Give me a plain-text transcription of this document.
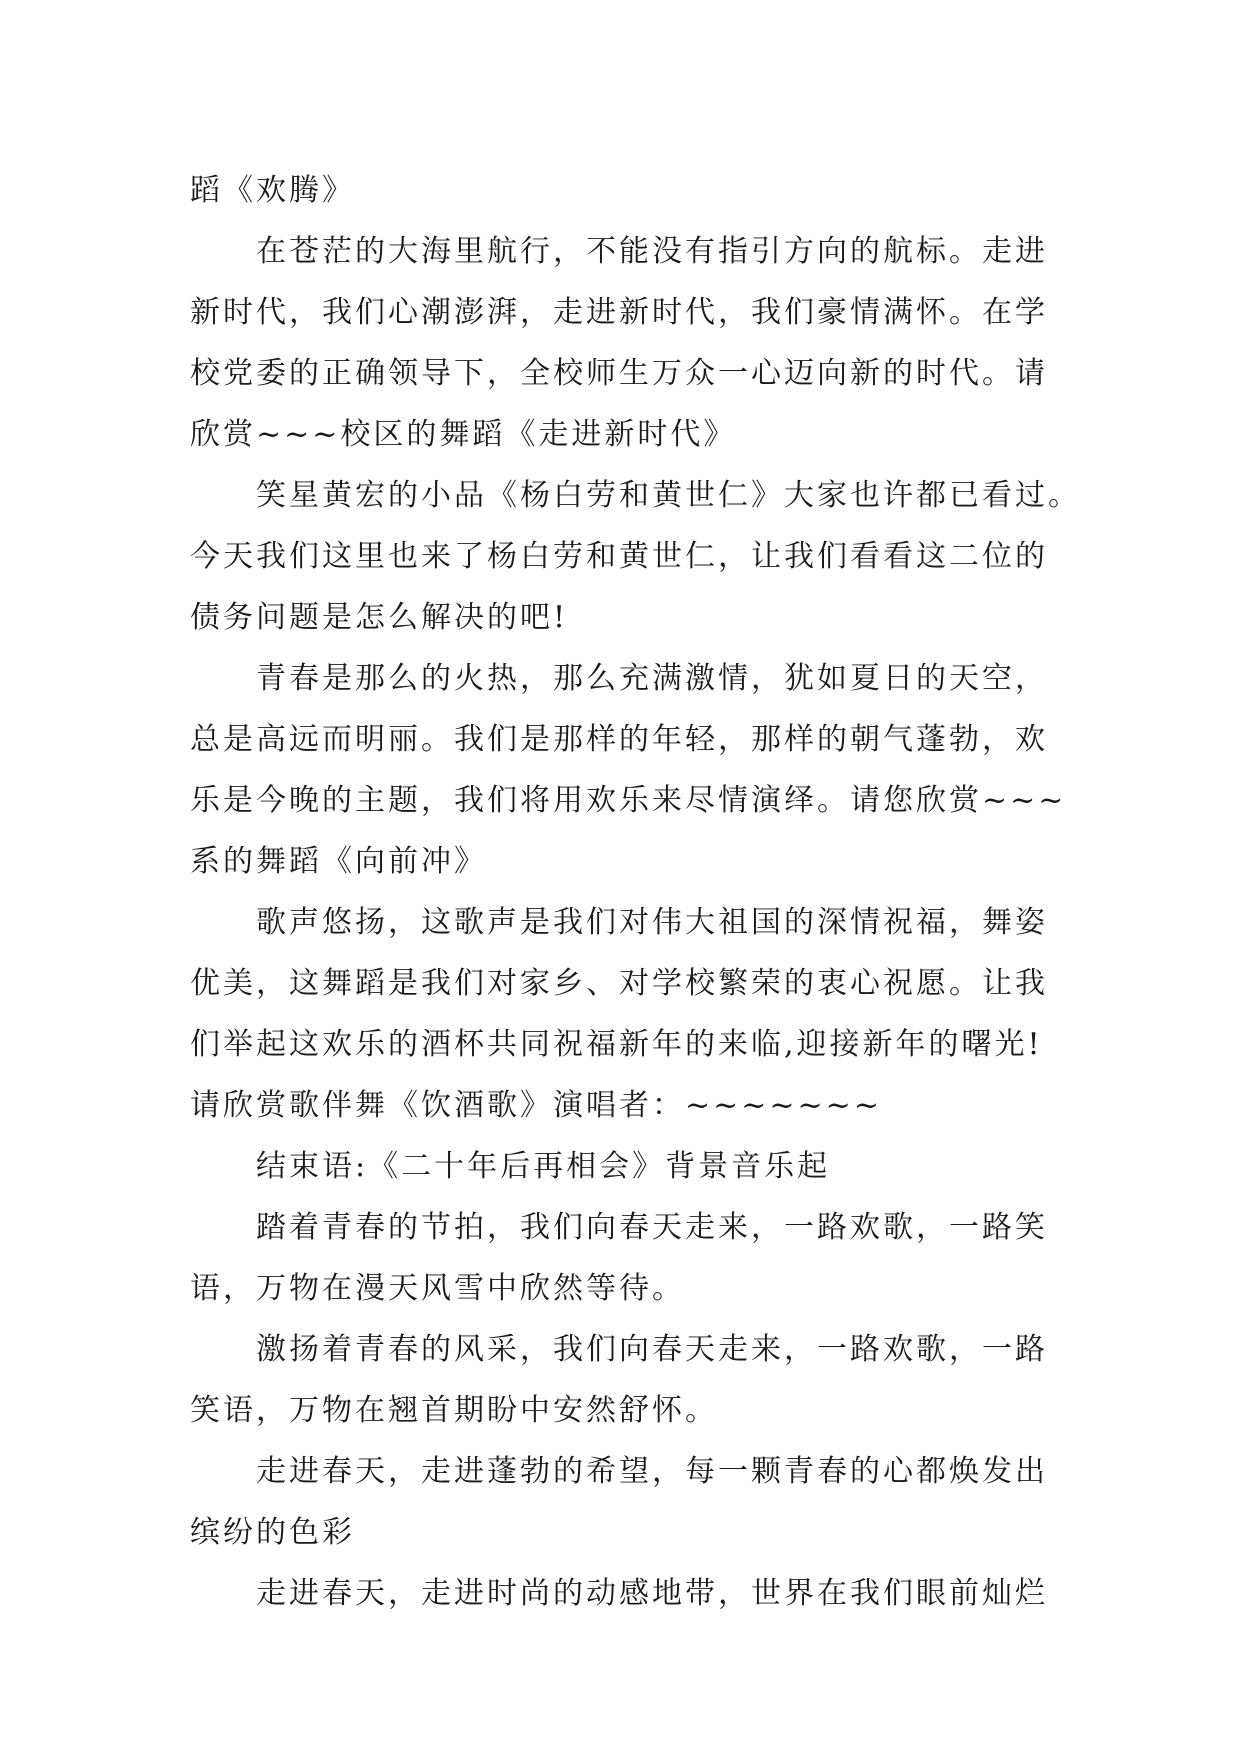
蹈《欢腾》
在苍茫的大海里航行，不能没有指引方向的航标。走进
新时代，我们心潮澎湃，走进新时代，我们豪情满怀。在学
校党委的正确领导下，全校师生万众一心迈向新的时代。请
欣赏~~~校区的舞蹈《走进新时代》
笑星黄宏的小品《杨白劳和黄世仁》大家也许都已看过。
今天我们这里也来了杨白劳和黄世仁，让我们看看这二位的
债务问题是怎么解决的吧!
青春是那么的火热，那么充满激情，犹如夏日的天空，
总是高远而明丽。我们是那样的年轻，那样的朝气蓬勃，欢
乐是今晚的主题，我们将用欢乐来尽情演绎。请您欣赏~~~
系的舞蹈《向前冲》
歌声悠扬，这歌声是我们对伟大祖国的深情祝福，舞姿
优美，这舞蹈是我们对家乡、对学校繁荣的衷心祝愿。让我
们举起这欢乐的酒杯共同祝福新年的来临,迎接新年的曙光!
请欣赏歌伴舞《饮酒歌》演唱者：~~~~~~~
结束语:《二十年后再相会》背景音乐起
踏着青春的节拍，我们向春天走来，一路欢歌，一路笑
语，万物在漫天风雪中欣然等待。
激扬着青春的风采，我们向春天走来，一路欢歌，一路
笑语，万物在翘首期盼中安然舒怀。
走进春天，走进蓬勃的希望，每一颗青春的心都焕发出
缤纷的色彩
走进春天，走进时尚的动感地带，世界在我们眼前灿烂
